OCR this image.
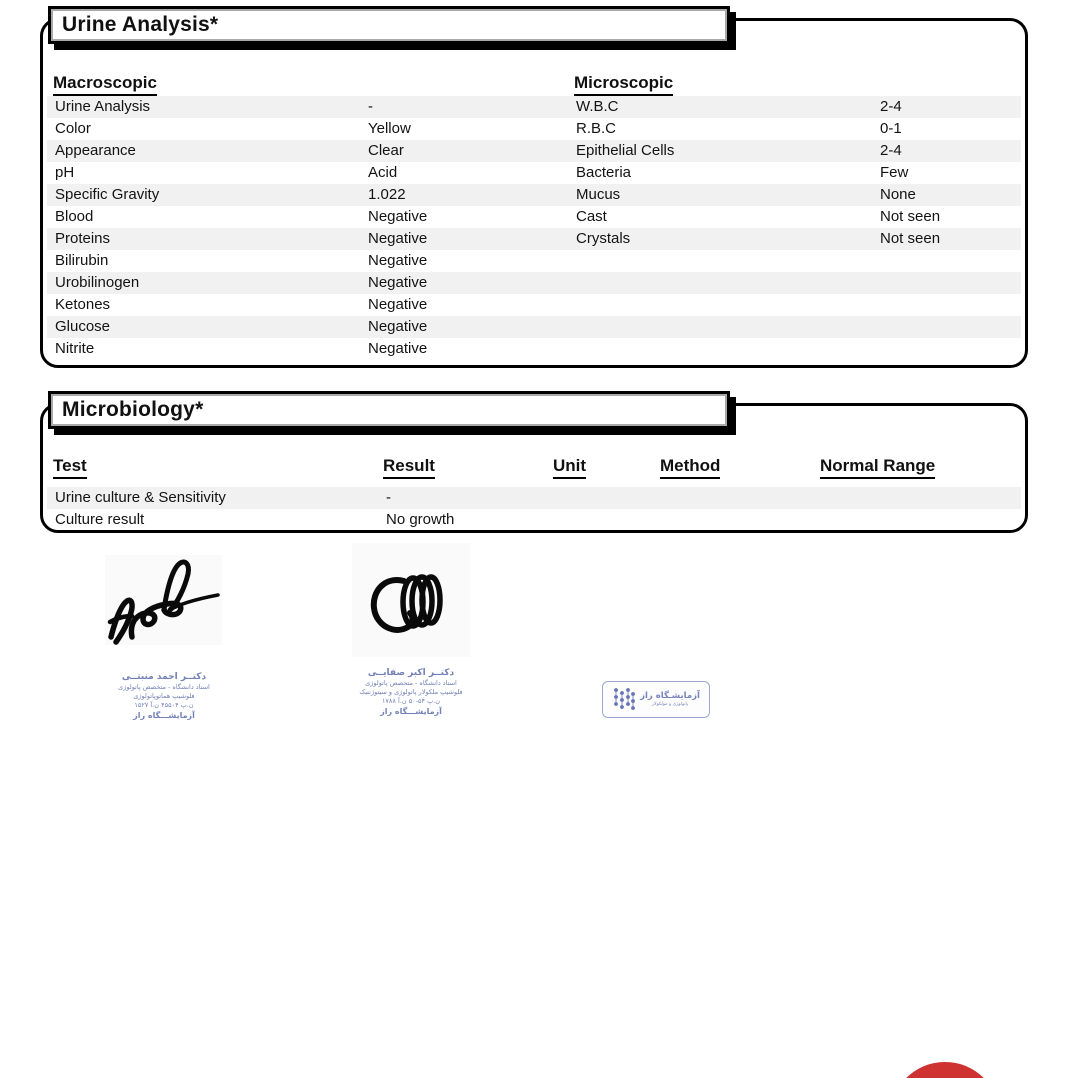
Urine Analysis*
Macroscopic	Microscopic
Urine Analysis	-	W.B.C	2-4
Color	Yellow	R.B.C	0-1
Appearance	Clear	Epithelial Cells	2-4
pH	Acid	Bacteria	Few
Specific Gravity	1.022	Mucus	None
Blood	Negative	Cast	Not seen
Proteins	Negative	Crystals	Not seen
Bilirubin	Negative
Urobilinogen	Negative
Ketones	Negative
Glucose	Negative
Nitrite	Negative
Microbiology*
Test	Result	Unit	Method	Normal Range
Urine culture & Sensitivity	-
Culture result	No growth
دکتــر احمد منبتــی
استاد دانشگاه - متخصص پاتولوژی
فلوشیپ هماتوپاتولوژی
ن.پ ۴۵۵۰۴ ن.آ ۱۵۲۷
آزمایشـــگاه راز
دکتــر اکبر صفایــی
استاد دانشگاه - متخصص پاتولوژی
فلوشیپ ملکولار پاتولوژی و سیتوژنتیک
ن.پ ۵۴-۵۰ ن.آ ۱۷۸۸
آزمایشـــگاه راز
آزمایشـگاه راز
پاتولوژی و مولکولار
